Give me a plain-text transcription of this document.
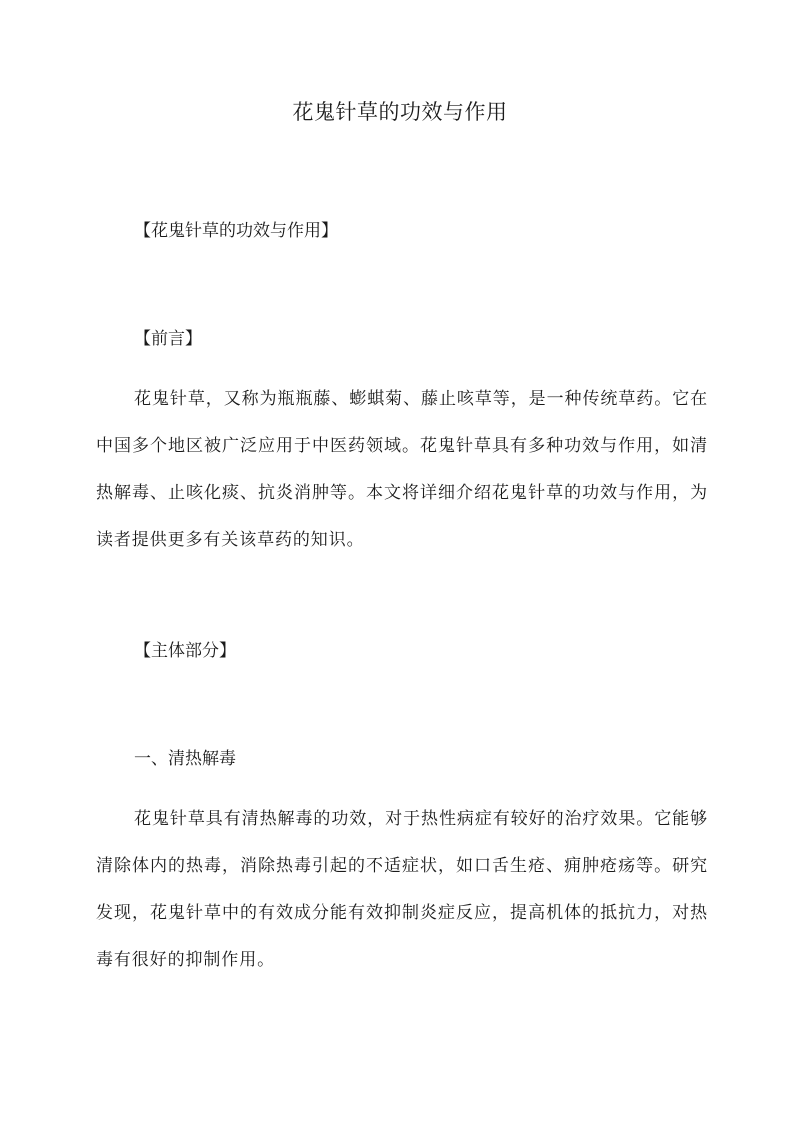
花鬼针草的功效与作用
【花鬼针草的功效与作用】
【前言】

花鬼针草，又称为瓶瓶藤、蟛蜞菊、藤止咳草等，是一种传统草药。它在中国多个地区被广泛应用于中医药领域。花鬼针草具有多种功效与作用，如清热解毒、止咳化痰、抗炎消肿等。本文将详细介绍花鬼针草的功效与作用，为读者提供更多有关该草药的知识。

【主体部分】
一、清热解毒

花鬼针草具有清热解毒的功效，对于热性病症有较好的治疗效果。它能够清除体内的热毒，消除热毒引起的不适症状，如口舌生疮、痈肿疮疡等。研究发现，花鬼针草中的有效成分能有效抑制炎症反应，提高机体的抵抗力，对热毒有很好的抑制作用。
